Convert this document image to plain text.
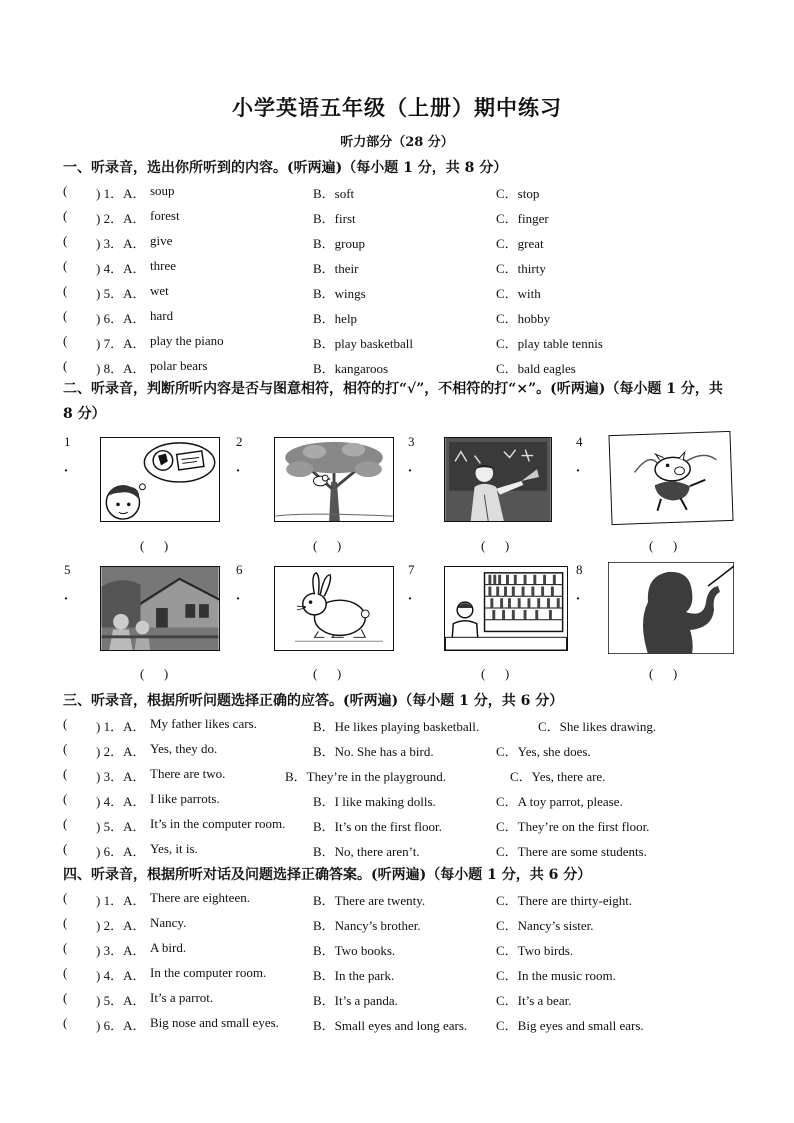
小学英语五年级（上册）期中练习
听力部分（28 分）
一、听录音，选出你所听到的内容。(听两遍)（每小题 1 分，共 8 分）
( ) 1．A． soup	B．soft	C．stop
( ) 2．A． forest	B．first	C．finger
( ) 3．A． give	B．group	C．great
( ) 4．A． three	B．their	C．thirty
( ) 5．A． wet	B．wings	C．with
( ) 6．A． hard	B．help	C．hobby
( ) 7．A． play the piano	B．play basketball	C．play table tennis
( ) 8．A． polar bears	B．kangaroos	C．bald eagles
二、听录音，判断所听内容是否与图意相符，相符的打“√”，不相符的打“×”。(听两遍)（每小题 1 分，共 8 分）
1
．
2
．
3
．
4
．
(      )	(      )	(      )	(      )
5
．
6
．
7
．
8
．
(      )	(      )	(      )	(      )
三、听录音，根据所听问题选择正确的应答。(听两遍)（每小题 1 分，共 6 分）
( ) 1．A． My father likes cars.	B．He likes playing basketball.	C．She likes drawing.
( ) 2．A． Yes, they do.	B．No. She has a bird.	C．Yes, she does.
( ) 3．A． There are two.	B．They’re in the playground.	C．Yes, there are.
( ) 4．A． I like parrots.	B．I like making dolls.	C．A toy parrot, please.
( ) 5．A． It’s in the computer room. B．It’s on the first floor.	C．They’re on the first floor.
( ) 6．A． Yes, it is.	B．No, there aren’t.	C．There are some students.
四、听录音，根据所听对话及问题选择正确答案。(听两遍)（每小题 1 分，共 6 分）
( ) 1．A． There are eighteen.	B．There are twenty.	C．There are thirty-eight.
( ) 2．A． Nancy.	B．Nancy’s brother.	C．Nancy’s sister.
( ) 3．A． A bird.	B．Two books.	C．Two birds.
( ) 4．A． In the computer room.	B．In the park.	C．In the music room.
( ) 5．A． It’s a parrot.	B．It’s a panda.	C．It’s a bear.
( ) 6．A． Big nose and small eyes.	B．Small eyes and long ears. C．Big eyes and small ears.
